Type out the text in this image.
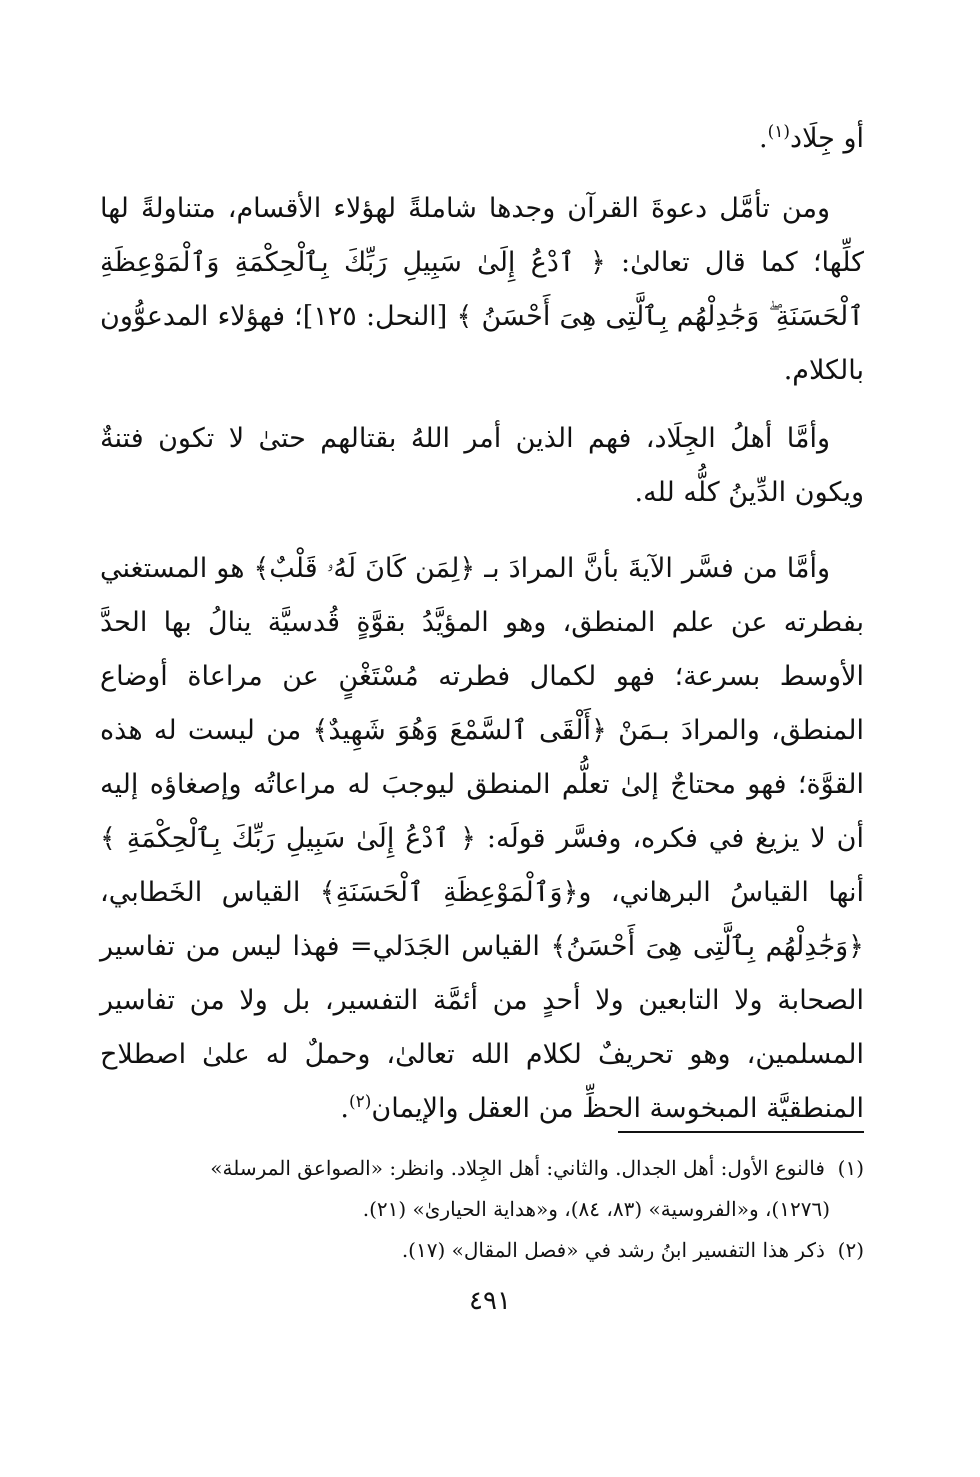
أو جِلَاد$^{(١)}$.

ومن تأمَّل دعوةَ القرآن وجدها شاملةً لهؤلاء الأقسام، متناولةً لها كلِّها؛ كما قال تعالىٰ: ﴿ ٱدْعُ إِلَىٰ سَبِيلِ رَبِّكَ بِٱلْحِكْمَةِ وَٱلْمَوْعِظَةِ ٱلْحَسَنَةِ ۖ وَجَٰدِلْهُم بِٱلَّتِى هِىَ أَحْسَنُ ﴾ [النحل: ١٢٥]؛ فهؤلاء المدعوُّون بالكلام.

وأمَّا أهلُ الجِلَاد، فهم الذين أمر اللهُ بقتالهم حتىٰ لا تكون فتنةٌ ويكون الدِّينُ كلُّه لله.

وأمَّا من فسَّر الآيةَ بأنَّ المرادَ بـ ﴿لِمَن كَانَ لَهُۥ قَلْبٌ﴾ هو المستغني بفطرته عن علم المنطق، وهو المؤيَّدُ بقوَّةٍ قُدسيَّة ينالُ بها الحدَّ الأوسط بسرعة؛ فهو لكمال فطرته مُسْتَغْنٍ عن مراعاة أوضاع المنطق، والمرادَ بـمَنْ ﴿أَلْقَى ٱلسَّمْعَ وَهُوَ شَهِيدٌ﴾ من ليست له هذه القوَّة؛ فهو محتاجٌ إلىٰ تعلُّم المنطق ليوجبَ له مراعاتُه وإصغاؤه إليه أن لا يزيغ في فكره، وفسَّر قولَه: ﴿ ٱدْعُ إِلَىٰ سَبِيلِ رَبِّكَ بِٱلْحِكْمَةِ ﴾ أنها القياسُ البرهاني، و﴿وَٱلْمَوْعِظَةِ ٱلْحَسَنَةِ﴾ القياس الخَطابي، ﴿وَجَٰدِلْهُم بِٱلَّتِى هِىَ أَحْسَنُ﴾ القياس الجَدَلي= فهذا ليس من تفاسير الصحابة ولا التابعين ولا أحدٍ من أئمَّة التفسير، بل ولا من تفاسير المسلمين، وهو تحريفٌ لكلام الله تعالىٰ، وحملٌ له علىٰ اصطلاح المنطقيَّة المبخوسة الحظِّ من العقل والإيمان$^{(٢)}$.

(١)  فالنوع الأول: أهل الجدال. والثاني: أهل الجِلاد. وانظر: «الصواعق المرسلة»

(١٢٧٦)، و«الفروسية» (٨٣، ٨٤)، و«هداية الحيارىٰ» (٢١).

(٢)  ذكر هذا التفسير ابنُ رشد في «فصل المقال» (١٧).

٤٩١
